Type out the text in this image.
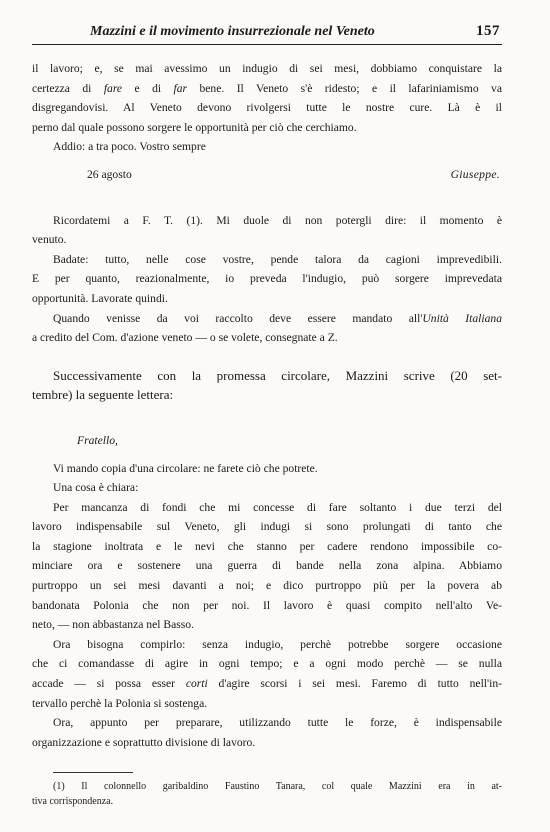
Mazzini e il movimento insurrezionale nel Veneto	157

il lavoro; e, se mai avessimo un indugio di sei mesi, dobbiamo conquistare la

certezza di fare e di far bene. Il Veneto s'è ridesto; e il lafariniamismo va

disgregandovisi. Al Veneto devono rivolgersi tutte le nostre cure. Là è il

perno dal quale possono sorgere le opportunità per ciò che cerchiamo.

Addio: a tra poco. Vostro sempre

26 agosto	Giuseppe.

Ricordatemi a F. T. (1). Mi duole di non potergli dire: il momento è

venuto.

Badate: tutto, nelle cose vostre, pende talora da cagioni imprevedibili.

E per quanto, reazionalmente, io preveda l'indugio, può sorgere imprevedata

opportunità. Lavorate quindi.

Quando venisse da voi raccolto deve essere mandato all'Unità Italiana

a credito del Com. d'azione veneto — o se volete, consegnate a Z.

Successivamente con la promessa circolare, Mazzini scrive (20 set-
tembre) la seguente lettera:
Fratello,

Vi mando copia d'una circolare: ne farete ciò che potrete.

Una cosa è chiara:

Per mancanza di fondi che mi concesse di fare soltanto i due terzi del

lavoro indispensabile sul Veneto, gli indugi si sono prolungati di tanto che

la stagione inoltrata e le nevi che stanno per cadere rendono impossibile co-

minciare ora e sostenere una guerra di bande nella zona alpina. Abbiamo

purtroppo un sei mesi davanti a noi; e dico purtroppo più per la povera ab

bandonata Polonia che non per noi. Il lavoro è quasi compito nell'alto Ve-

neto, — non abbastanza nel Basso.

Ora bisogna compirlo: senza indugio, perchè potrebbe sorgere occasione

che ci comandasse di agire in ogni tempo; e a ogni modo perchè — se nulla

accade — si possa esser corti d'agire scorsi i sei mesi. Faremo di tutto nell'in-

tervallo perchè la Polonia si sostenga.

Ora, appunto per preparare, utilizzando tutte le forze, è indispensabile

organizzazione e soprattutto divisione di lavoro.

(1) Il colonnello garibaldino Faustino Tanara, col quale Mazzini era in at-

tiva corrispondenza.
